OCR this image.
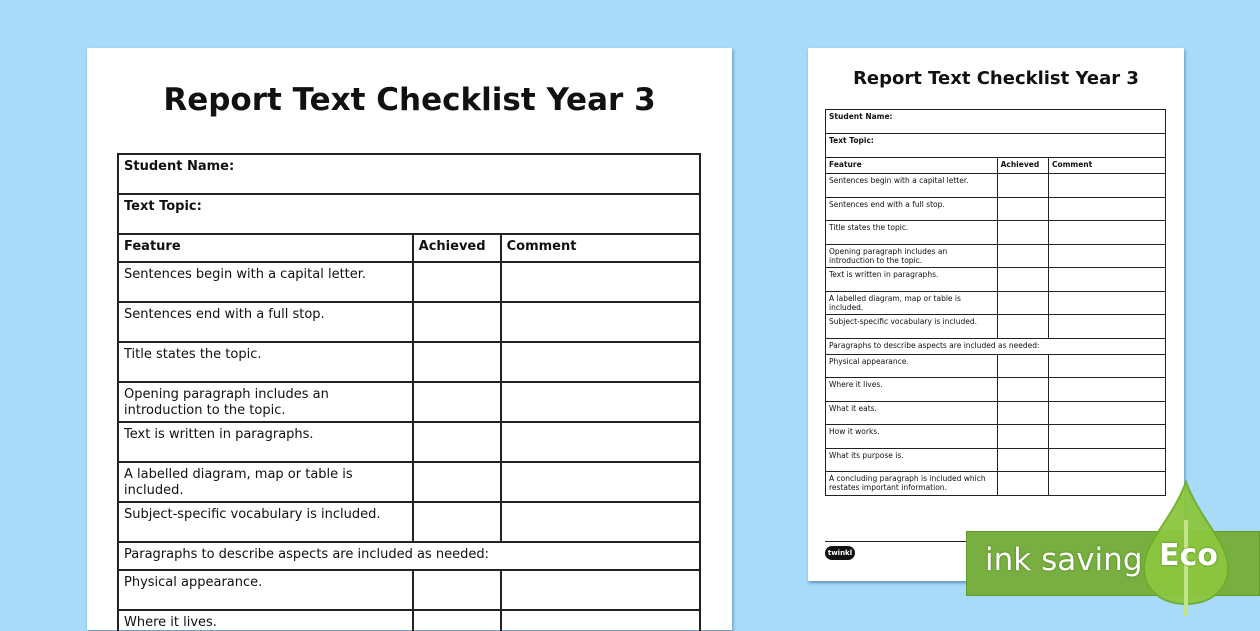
Report Text Checklist Year 3
Student Name:		
Text Topic:		
Feature	Achieved	Comment
Sentences begin with a capital letter.		
Sentences end with a full stop.		
Title states the topic.		
Opening paragraph includes an introduction to the topic.		
Text is written in paragraphs.		
A labelled diagram, map or table is included.		
Subject-specific vocabulary is included.		
Paragraphs to describe aspects are included as needed:		
Physical appearance.		
Where it lives.		
Report Text Checklist Year 3
Student Name:		
Text Topic:		
Feature	Achieved	Comment
Sentences begin with a capital letter.		
Sentences end with a full stop.		
Title states the topic.		
Opening paragraph includes an introduction to the topic.		
Text is written in paragraphs.		
A labelled diagram, map or table is included.		
Subject-specific vocabulary is included.		
Paragraphs to describe aspects are included as needed:		
Physical appearance.		
Where it lives.		
What it eats.		
How it works.		
What its purpose is.		
A concluding paragraph is included which restates important information.		
twinkl	ink saving Eco
